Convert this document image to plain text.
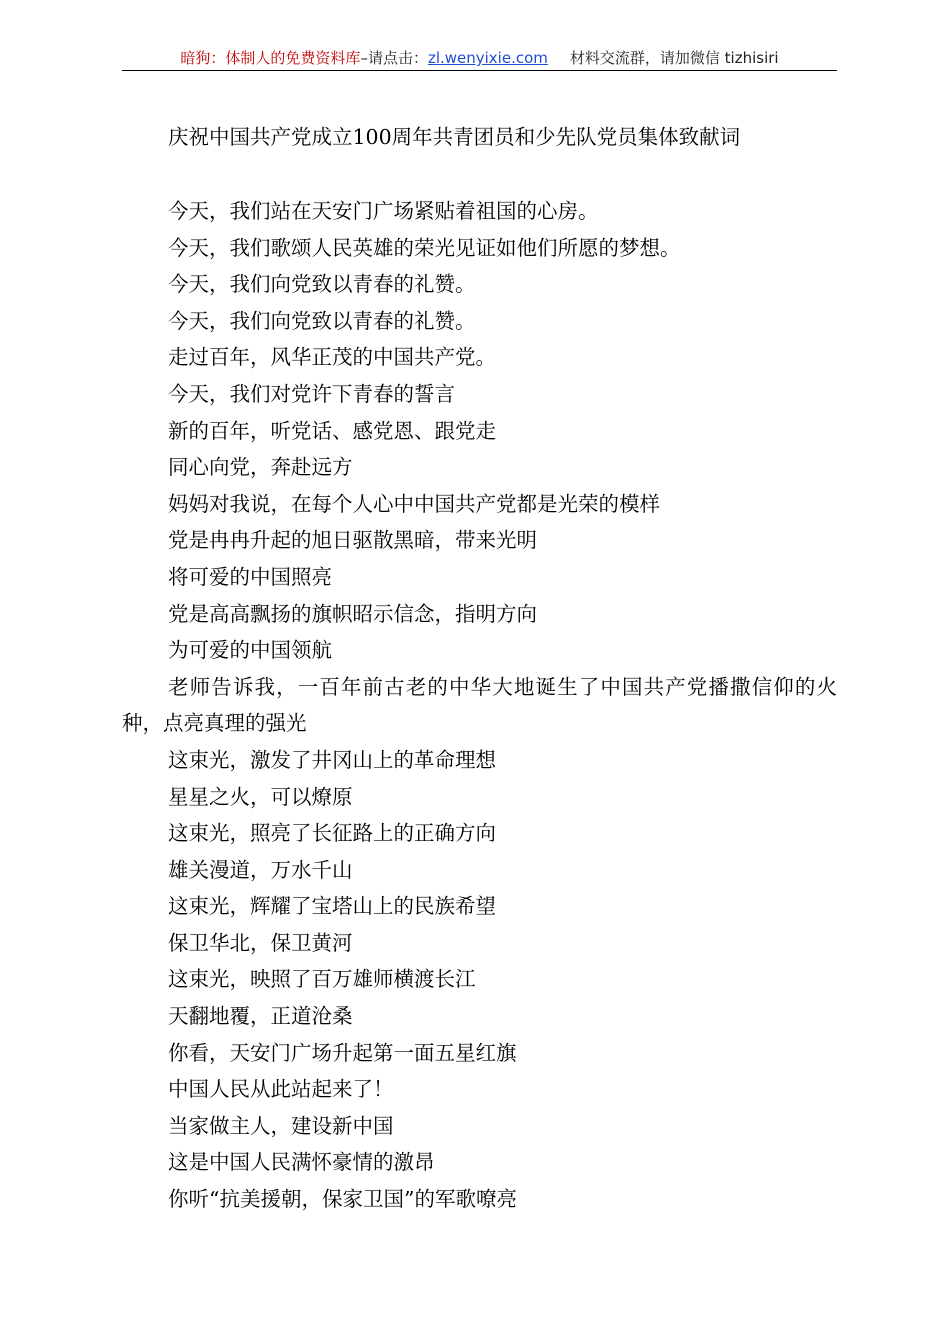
暗狗：体制人的免费资料库–请点击：zl.wenyixie.com 材料交流群，请加微信 tizhisiri
庆祝中国共产党成立100周年共青团员和少先队党员集体致献词
今天，我们站在天安门广场紧贴着祖国的心房。
今天，我们歌颂人民英雄的荣光见证如他们所愿的梦想。
今天，我们向党致以青春的礼赞。
今天，我们向党致以青春的礼赞。
走过百年，风华正茂的中国共产党。
今天，我们对党许下青春的誓言
新的百年，听党话、感党恩、跟党走
同心向党，奔赴远方
妈妈对我说，在每个人心中中国共产党都是光荣的模样
党是冉冉升起的旭日驱散黑暗，带来光明
将可爱的中国照亮
党是高高飘扬的旗帜昭示信念，指明方向
为可爱的中国领航
老师告诉我，一百年前古老的中华大地诞生了中国共产党播撒信仰的火种，点亮真理的强光
这束光，激发了井冈山上的革命理想
星星之火，可以燎原
这束光，照亮了长征路上的正确方向
雄关漫道，万水千山
这束光，辉耀了宝塔山上的民族希望
保卫华北，保卫黄河
这束光，映照了百万雄师横渡长江
天翻地覆，正道沧桑
你看，天安门广场升起第一面五星红旗
中国人民从此站起来了！
当家做主人，建设新中国
这是中国人民满怀豪情的激昂
你听“抗美援朝，保家卫国”的军歌嘹亮
